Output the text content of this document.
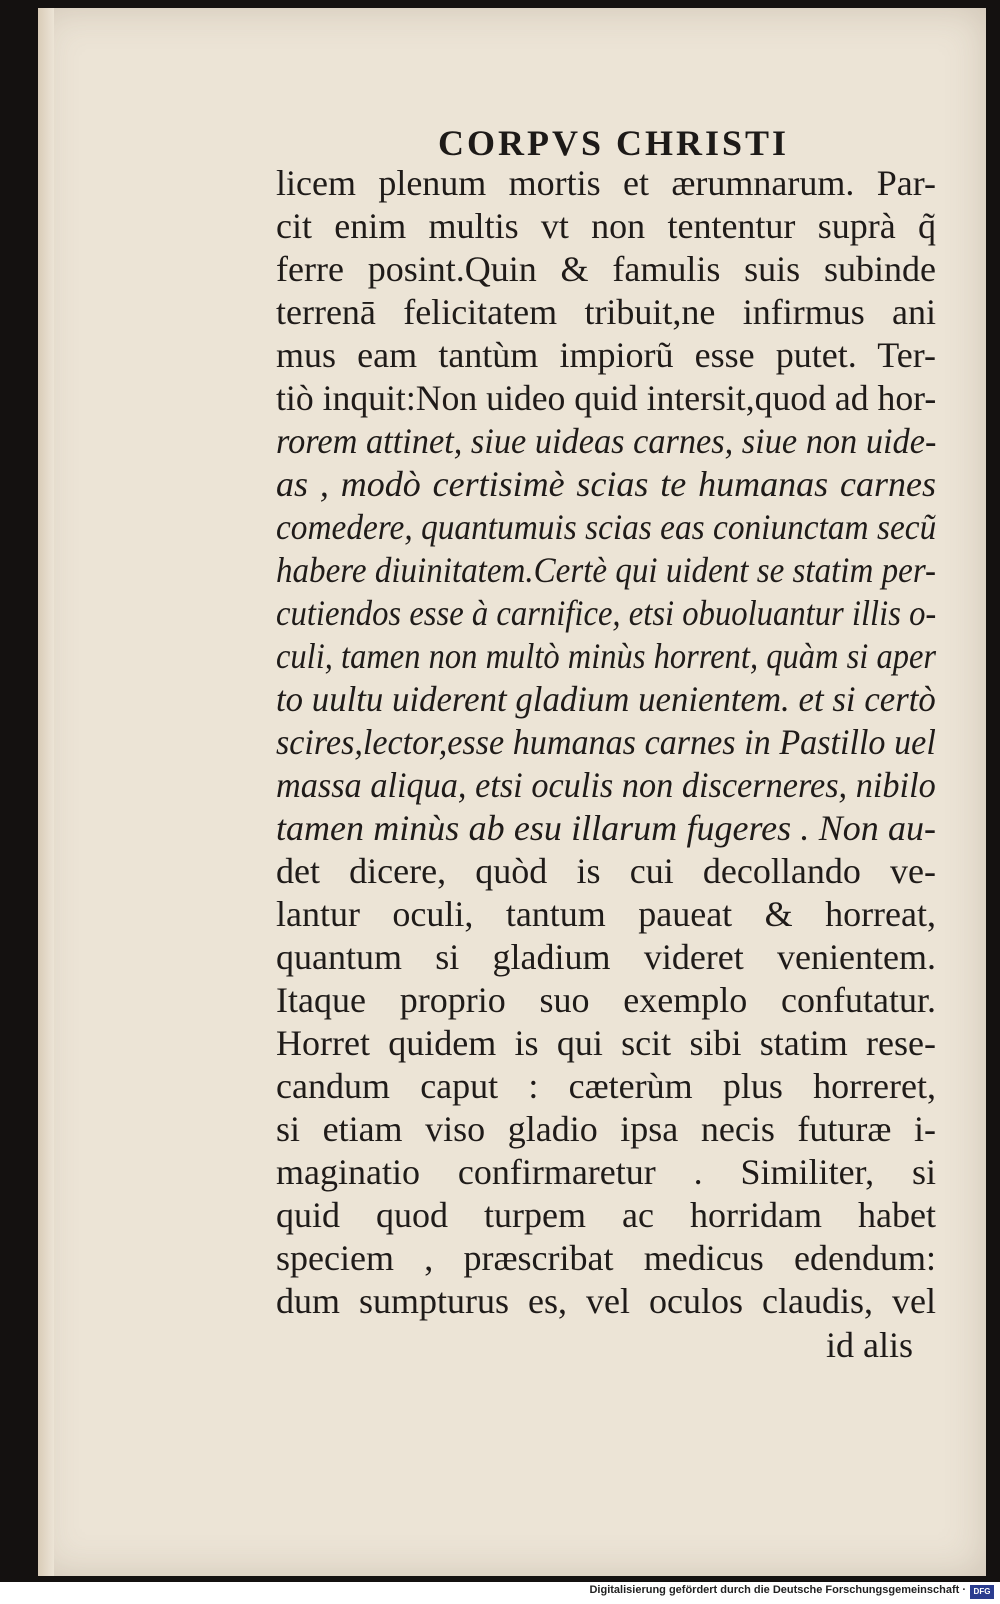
CORPVS CHRISTI
licem plenum mortis et ærumnarum. Par-
cit enim multis vt non tententur suprà q̃
ferre posint.Quin & famulis suis subinde
terrenā felicitatem tribuit,ne infirmus ani
mus eam tantùm impiorũ esse putet. Ter-
tiò inquit:Non uideo quid intersit,quod ad hor-
rorem attinet, siue uideas carnes, siue non uide-
as , modò certisimè scias te humanas carnes
comedere, quantumuis scias eas coniunctam secũ
habere diuinitatem.Certè qui uident se statim per-
cutiendos esse à carnifice, etsi obuoluantur illis o-
culi, tamen non multò minùs horrent, quàm si aper
to uultu uiderent gladium uenientem. et si certò
scires,lector,esse humanas carnes in Pastillo uel
massa aliqua, etsi oculis non discerneres, nibilo
tamen minùs ab esu illarum fugeres . Non au-
det dicere, quòd is cui decollando ve-
lantur oculi, tantum paueat & horreat,
quantum si gladium videret venientem.
Itaque proprio suo exemplo confutatur.
Horret quidem is qui scit sibi statim rese-
candum caput : cæterùm plus horreret,
si etiam viso gladio ipsa necis futuræ i-
maginatio confirmaretur . Similiter, si
quid quod turpem ac horridam habet
speciem , præscribat medicus edendum:
dum sumpturus es, vel oculos claudis, vel
id alis
Digitalisierung gefördert durch die Deutsche Forschungsgemeinschaft · DFG
